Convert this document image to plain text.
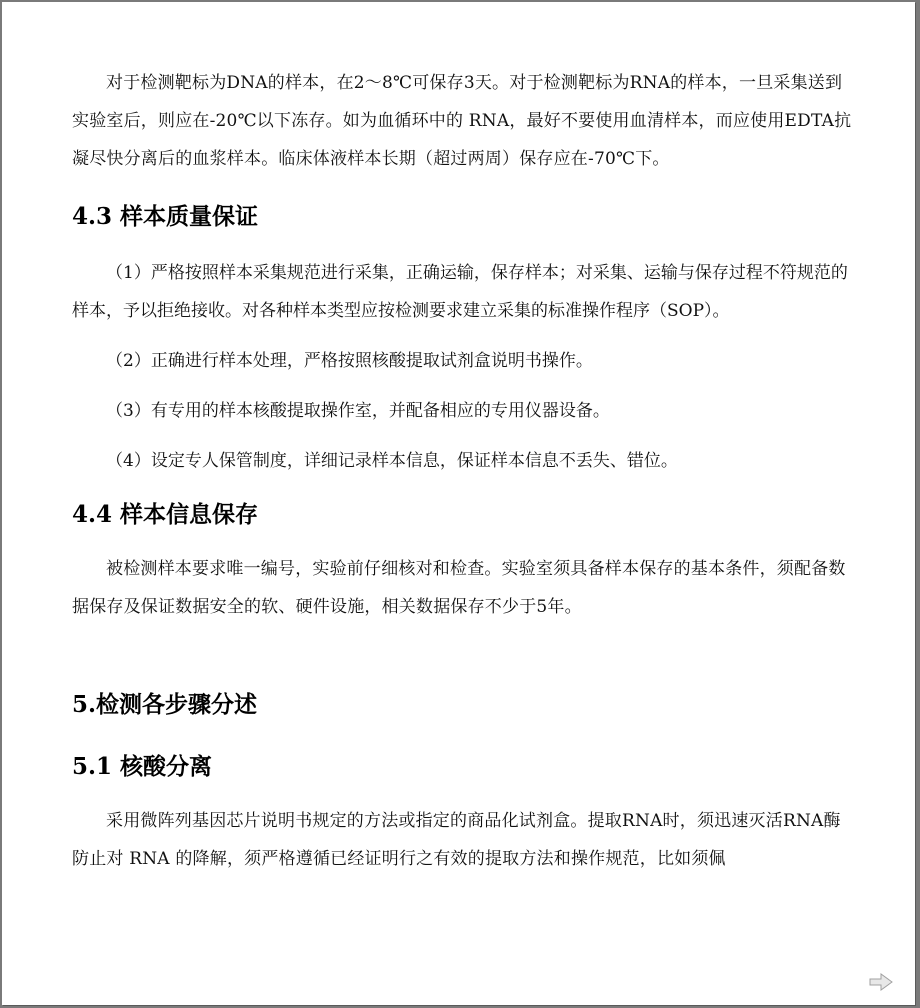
对于检测靶标为DNA的样本，在2～8℃可保存3天。对于检测靶标为RNA的样本，一旦采集送到实验室后，则应在-20℃以下冻存。如为血循环中的 RNA，最好不要使用血清样本，而应使用EDTA抗凝尽快分离后的血浆样本。临床体液样本长期（超过两周）保存应在-70℃下。

4.3 样本质量保证

（1）严格按照样本采集规范进行采集，正确运输，保存样本；对采集、运输与保存过程不符规范的样本，予以拒绝接收。对各种样本类型应按检测要求建立采集的标准操作程序（SOP）。

（2）正确进行样本处理，严格按照核酸提取试剂盒说明书操作。

（3）有专用的样本核酸提取操作室，并配备相应的专用仪器设备。

（4）设定专人保管制度，详细记录样本信息，保证样本信息不丢失、错位。

4.4 样本信息保存

被检测样本要求唯一编号，实验前仔细核对和检查。实验室须具备样本保存的基本条件，须配备数据保存及保证数据安全的软、硬件设施，相关数据保存不少于5年。

5.检测各步骤分述
5.1 核酸分离

采用微阵列基因芯片说明书规定的方法或指定的商品化试剂盒。提取RNA时，须迅速灭活RNA酶防止对 RNA 的降解，须严格遵循已经证明行之有效的提取方法和操作规范，比如须佩
